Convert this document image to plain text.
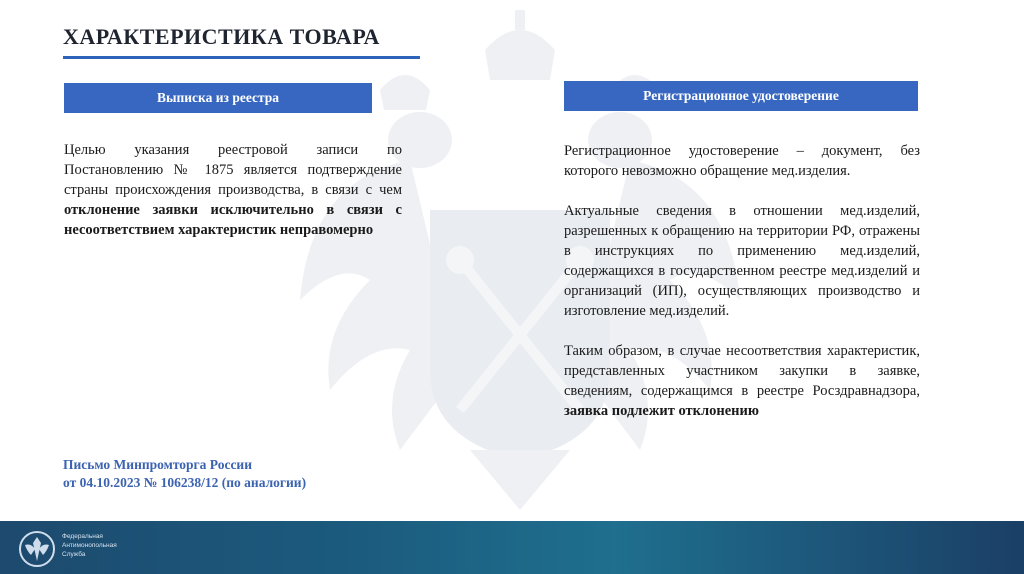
ХАРАКТЕРИСТИКА ТОВАРА
Выписка из реестра	Регистрационное удостоверение

Целью указания реестровой записи по Постановлению № 1875 является подтверждение страны происхождения производства, в связи с чем отклонение заявки исключительно в связи с несоответствием характеристик неправомерно

Регистрационное удостоверение – документ, без которого невозможно обращение мед.изделия.

Актуальные сведения в отношении мед.изделий, разрешенных к обращению на территории РФ, отражены в инструкциях по применению мед.изделий, содержащихся в государственном реестре мед.изделий и организаций (ИП), осуществляющих производство и изготовление мед.изделий.

Таким образом, в случае несоответствия характеристик, представленных участником закупки в заявке, сведениям, содержащимся в реестре Росздравнадзора, заявка подлежит отклонению

Письмо Минпромторга России
от 04.10.2023 № 106238/12 (по аналогии)
Федеральная
Антимонопольная
Служба
